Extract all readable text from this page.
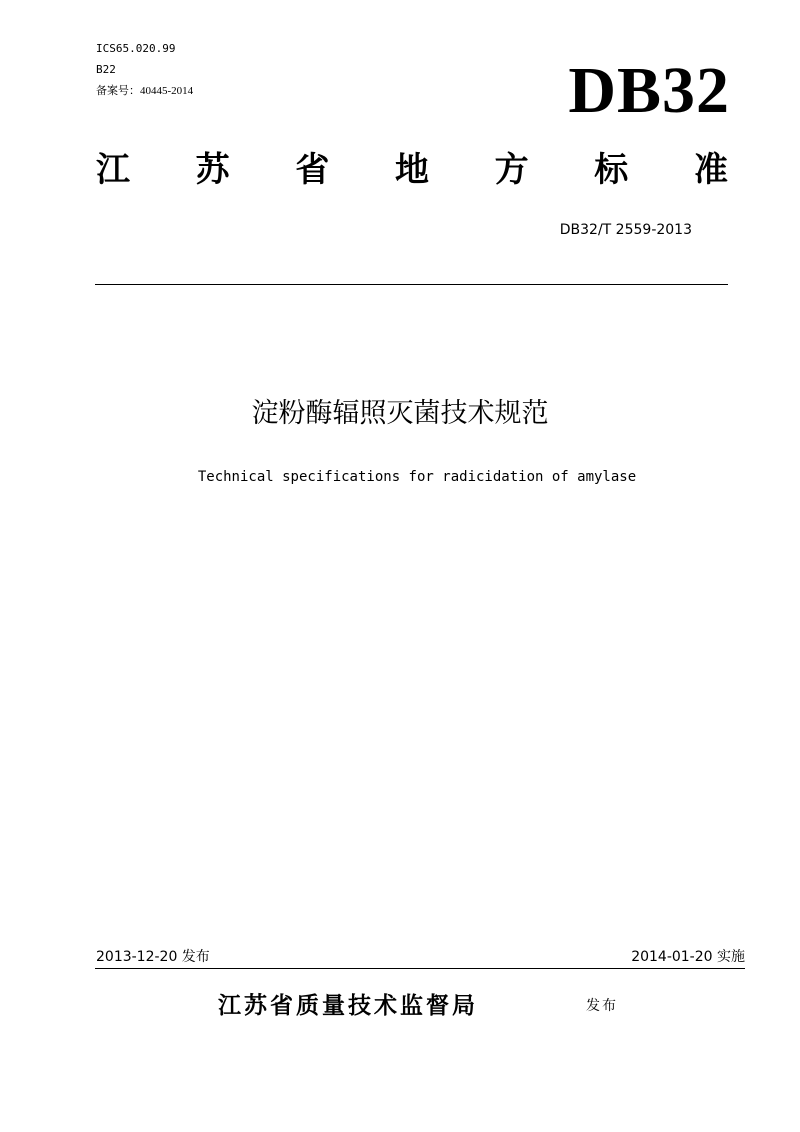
ICS65.020.99
B22
备案号：40445-2014	DB32
江 苏 省 地 方 标 准
DB32/T 2559-2013
淀粉酶辐照灭菌技术规范
Technical specifications for radicidation of amylase
2013-12-20 发布	2014-01-20 实施
江苏省质量技术监督局	发布
